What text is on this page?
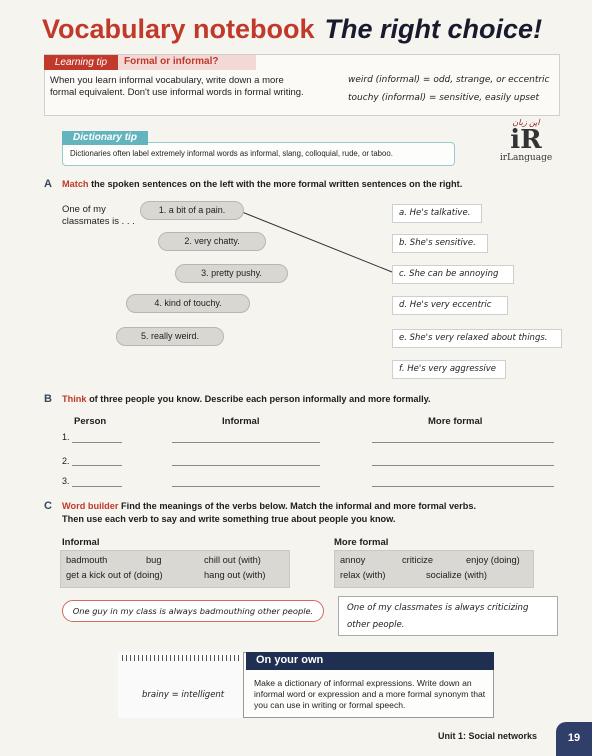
Vocabulary notebook The right choice!
Learning tip	Formal or informal?
When you learn informal vocabulary, write down a more formal equivalent. Don't use informal words in formal writing.
weird (informal) = odd, strange, or eccentric
touchy (informal) = sensitive, easily upset
Dictionary tip
Dictionaries often label extremely informal words as informal, slang, colloquial, rude, or taboo.
اپن زبان
iR
irLanguage
A Match the spoken sentences on the left with the more formal written sentences on the right.
One of my classmates is . . .
1. a bit of a pain.
2. very chatty.
3. pretty pushy.
4. kind of touchy.
5. really weird.
a. He's talkative.
b. She's sensitive.
c. She can be annoying
d. He's very eccentric
e. She's very relaxed about things.
f. He's very aggressive
B Think of three people you know. Describe each person informally and more formally.
Person	Informal	More formal
1.
2.
3.
C Word builder Find the meanings of the verbs below. Match the informal and more formal verbs.
Then use each verb to say and write something true about people you know.
Informal	More formal
badmouth	bug	chill out (with)
get a kick out of (doing)	hang out (with)
annoy	criticize	enjoy (doing)
relax (with)	socialize (with)
One guy in my class is always badmouthing other people.	One of my classmates is always criticizing other people.
brainy = intelligent
On your own
Make a dictionary of informal expressions. Write down an informal word or expression and a more formal synonym that you can use in writing or formal speech.
Unit 1: Social networks	19
